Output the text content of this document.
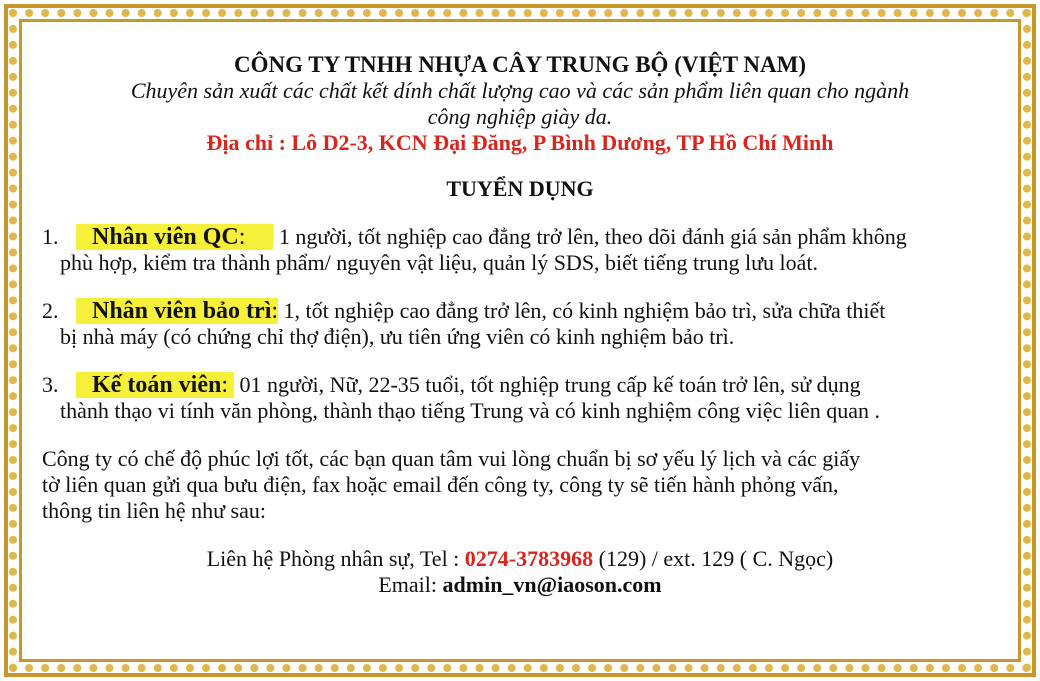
CÔNG TY TNHH NHỰA CÂY TRUNG BỘ (VIỆT NAM)
Chuyên sản xuất các chất kết dính chất lượng cao và các sản phẩm liên quan cho ngành
công nghiệp giày da.
Địa chỉ : Lô D2-3, KCN Đại Đăng, P Bình Dương, TP Hồ Chí Minh
TUYỂN DỤNG
1. Nhân viên QC: 1 người, tốt nghiệp cao đẳng trở lên, theo dõi đánh giá sản phẩm không
phù hợp, kiểm tra thành phẩm/ nguyên vật liệu, quản lý SDS, biết tiếng trung lưu loát.
2. Nhân viên bảo trì: 1, tốt nghiệp cao đẳng trở lên, có kinh nghiệm bảo trì, sửa chữa thiết
bị nhà máy (có chứng chỉ thợ điện), ưu tiên ứng viên có kinh nghiệm bảo trì.
3. Kế toán viên: 01 người, Nữ, 22-35 tuổi, tốt nghiệp trung cấp kế toán trở lên, sử dụng
thành thạo vi tính văn phòng, thành thạo tiếng Trung và có kinh nghiệm công việc liên quan .
Công ty có chế độ phúc lợi tốt, các bạn quan tâm vui lòng chuẩn bị sơ yếu lý lịch và các giấy
tờ liên quan gửi qua bưu điện, fax hoặc email đến công ty, công ty sẽ tiến hành phỏng vấn,
thông tin liên hệ như sau:
Liên hệ Phòng nhân sự, Tel : 0274-3783968 (129) / ext. 129 ( C. Ngọc)
Email: admin_vn@iaoson.com
